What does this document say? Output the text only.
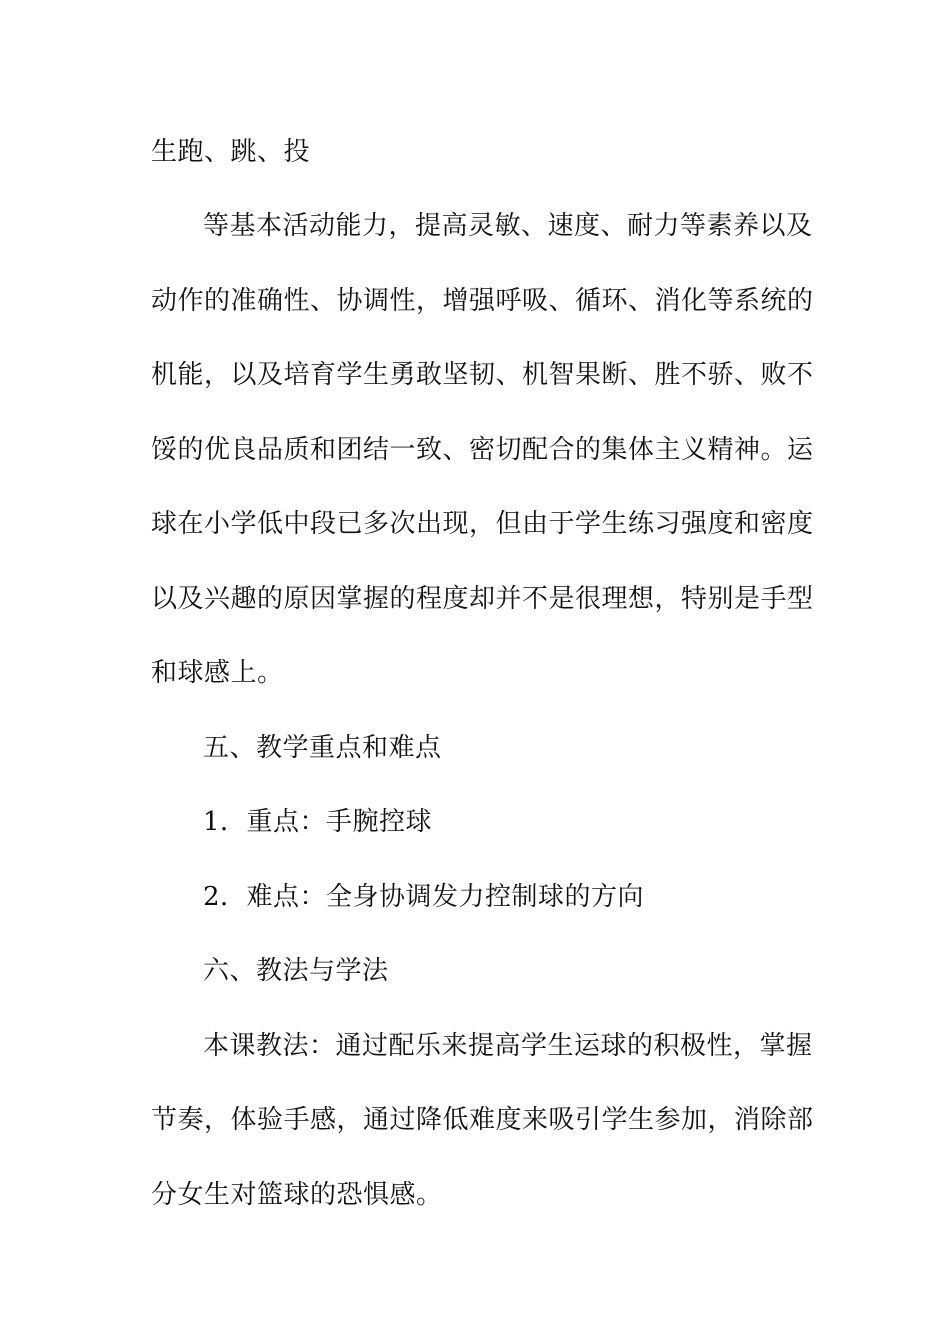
生跑、跳、投
等基本活动能力，提高灵敏、速度、耐力等素养以及
动作的准确性、协调性，增强呼吸、循环、消化等系统的
机能，以及培育学生勇敢坚韧、机智果断、胜不骄、败不
馁的优良品质和团结一致、密切配合的集体主义精神。运
球在小学低中段已多次出现，但由于学生练习强度和密度
以及兴趣的原因掌握的程度却并不是很理想，特别是手型
和球感上。
五、教学重点和难点
1．重点：手腕控球
2．难点：全身协调发力控制球的方向
六、教法与学法
本课教法：通过配乐来提高学生运球的积极性，掌握
节奏，体验手感，通过降低难度来吸引学生参加，消除部
分女生对篮球的恐惧感。
